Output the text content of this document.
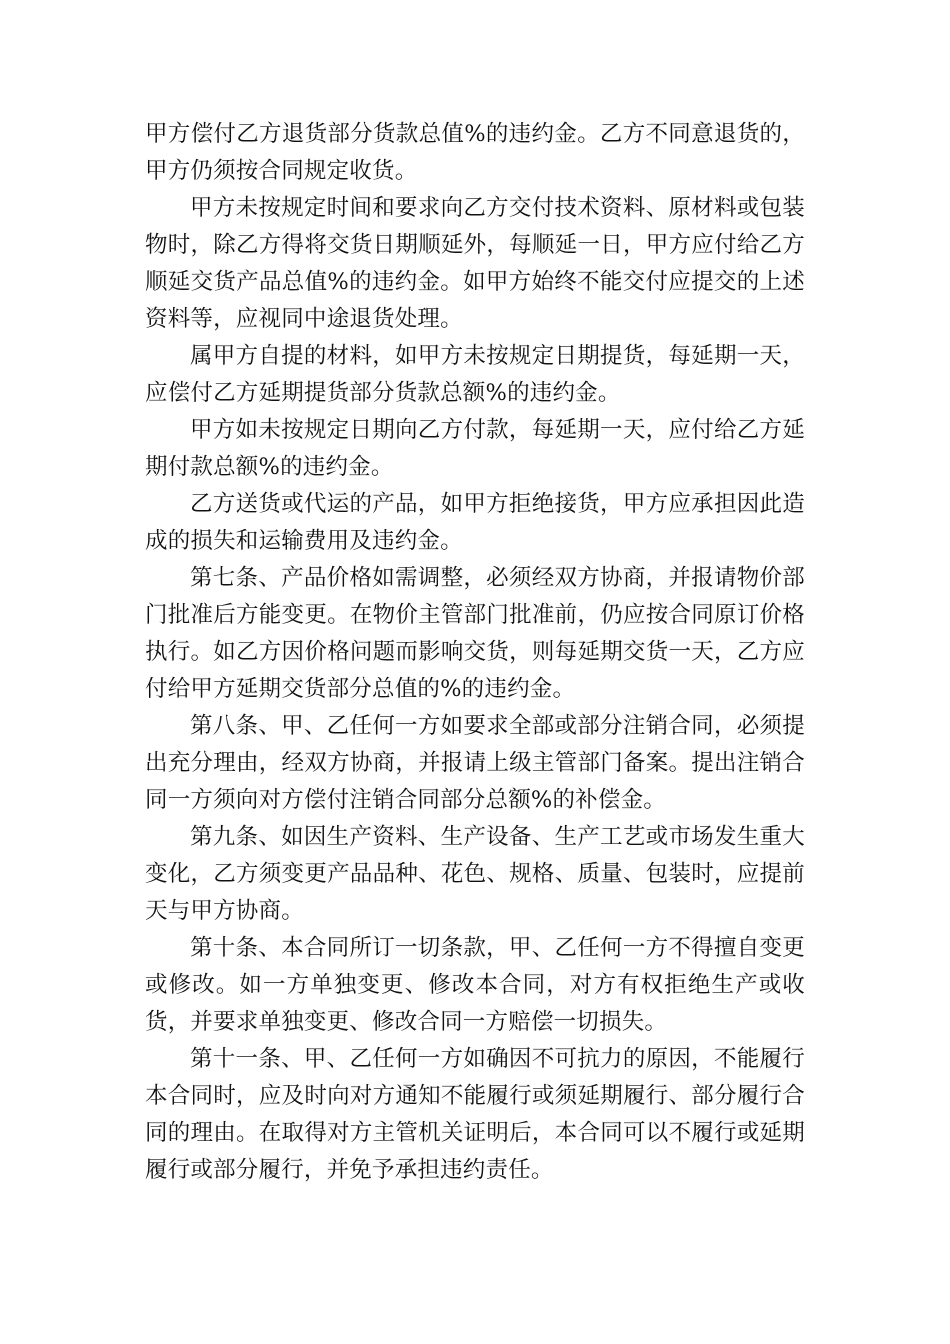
甲方偿付乙方退货部分货款总值%的违约金。乙方不同意退货的，甲方仍须按合同规定收货。

甲方未按规定时间和要求向乙方交付技术资料、原材料或包装物时，除乙方得将交货日期顺延外，每顺延一日，甲方应付给乙方顺延交货产品总值%的违约金。如甲方始终不能交付应提交的上述资料等，应视同中途退货处理。

属甲方自提的材料，如甲方未按规定日期提货，每延期一天，应偿付乙方延期提货部分货款总额%的违约金。

甲方如未按规定日期向乙方付款，每延期一天，应付给乙方延期付款总额%的违约金。

乙方送货或代运的产品，如甲方拒绝接货，甲方应承担因此造成的损失和运输费用及违约金。

第七条、产品价格如需调整，必须经双方协商，并报请物价部门批准后方能变更。在物价主管部门批准前，仍应按合同原订价格执行。如乙方因价格问题而影响交货，则每延期交货一天，乙方应付给甲方延期交货部分总值的%的违约金。

第八条、甲、乙任何一方如要求全部或部分注销合同，必须提出充分理由，经双方协商，并报请上级主管部门备案。提出注销合同一方须向对方偿付注销合同部分总额%的补偿金。

第九条、如因生产资料、生产设备、生产工艺或市场发生重大变化，乙方须变更产品品种、花色、规格、质量、包装时，应提前天与甲方协商。

第十条、本合同所订一切条款，甲、乙任何一方不得擅自变更或修改。如一方单独变更、修改本合同，对方有权拒绝生产或收货，并要求单独变更、修改合同一方赔偿一切损失。

第十一条、甲、乙任何一方如确因不可抗力的原因，不能履行本合同时，应及时向对方通知不能履行或须延期履行、部分履行合同的理由。在取得对方主管机关证明后，本合同可以不履行或延期履行或部分履行，并免予承担违约责任。
